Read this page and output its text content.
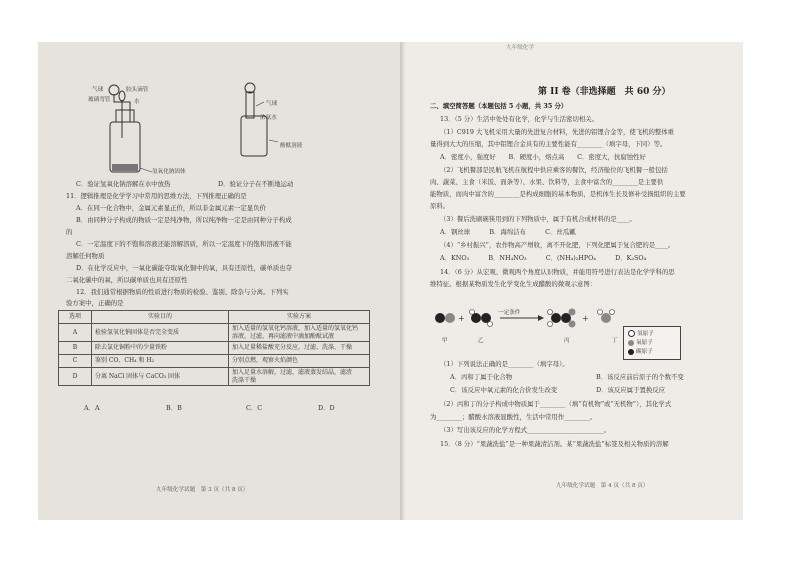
气球
玻璃弯管
胶头滴管
水
氢氧化钠固体
气球
浓氨水
酚酞溶液
C．验证氢氧化钠溶解在水中放热	D．验证分子在不断地运动
11．逻辑推理是化学学习中常用的思维方法，下列推理正确的是
A．在同一化合物中，金属元素显正价，所以非金属元素一定显负价
B．由同种分子构成的物质一定是纯净物，所以纯净物一定是由同种分子构成
的
C．一定温度下的不饱和溶液还能溶解溶质，所以一定温度下的饱和溶液不能
溶解任何物质
D．在化学反应中，一氧化碳能夺取氧化铜中的氧，具有还原性，碳单质也夺
二氧化碳中的氧，所以碳单质也具有还原性
12．我们通常根据物质的性质进行物质的检验、鉴别、除杂与分离。下列实
验方案中，正确的是
选项	实验目的	实验方案
A	检验氢氧化钠固体是否完全变质	加入适量的氢氧化钙溶液，加入适量的氢氧化钙
溶液，过滤，再向滤液中滴加酚酞试液

B	除去氯化铜粉中的少量铁粉	加入足量稀盐酸充分反应，过滤、洗涤、干燥
C	鉴别 CO、CH₄ 和 H₂	分别点燃，观察火焰颜色
D	分离 NaCl 固体与 CaCO₃ 固体	加入足量水溶解，过滤，滤液蒸发结晶，滤渣
洗涤干燥
A．A	B．B	C．C	D．D
九年级化学试题　第 3 页（共 8 页）
九年级化学
第 II 卷（非选择题　共 60 分）
二、填空简答题（本题包括 5 小题，共 35 分）
13．（5 分）生活中处处有化学，化学与生活密切相关。
（1）C919 大飞机采用大量的先进复合材料，先进的铝锂合金等，使飞机的整体重
量得到大大的压缩，其中铝锂合金具有的主要性能有________（填字母，下同）等。
A．密度小，强度好　　B．硬度小，熔点高　　C．密度大，抗腐蚀性好
（2）飞机餐部是民航飞机在航程中供应乘客的餐饮，经济舱位的飞机餐一般包括
肉、蔬菜、主食（米饭、面条等）、水果、饮料等，主食中富含的________是主要供
能物质，而肉中富含的________是构成细胞的基本物质，是机体生长及修补受损组织的主要
原料。
（3）餐后洗刷碗筷用到的下列物质中，属于有机合成材料的是____。
A．钢丝球　　　B．海绵洁布　　　C．丝瓜瓤
（4）“乡村振兴”，农作物高产增收，离不开化肥，下列化肥属于复合肥的是____。
A．KNO₃　　　B．NH₄NO₃　　　C．(NH₄)₂HPO₄　　　D．K₂SO₄
14．（6 分）从宏观、微观两个角度认识物质，并能用符号进行表达是化学学科的思
维特征。根据某物质发生化学变化生成醋酸的微观示意图：
+	+
一定条件
甲	乙	丙	丁
氢原子
氧原子
碳原子
（1）下列说法正确的是________（填字母）。
A．丙和丁属于化合物	B．该反应前后原子的个数不变
C．该反应中氧元素的化合价发生改变	D．该反应属于置换反应
（2）丙和丁的分子构成中物质属于________（填“有机物”或“无机物”），其化学式
为________；醋酸水溶液显酸性，生活中常用作________。
（3）写出该反应的化学方程式________________________。
15．（8 分）“果蔬洗盐”是一种果蔬清洁剂。某“果蔬洗盐”标签及相关物质的溶解
九年级化学试题　第 4 页（共 8 页）
